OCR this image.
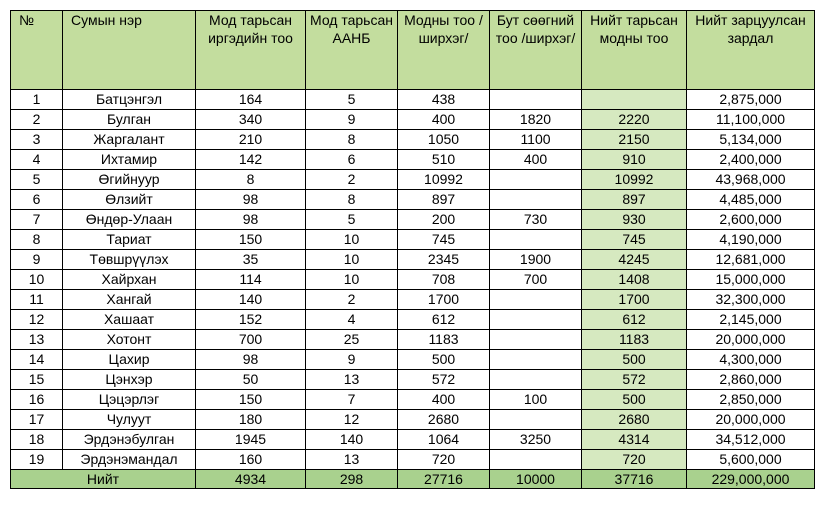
№	Сумын нэр	Мод тарьсан иргэдийн тоо	Мод тарьсан ААНБ	Модны тоо /ширхэг/	Бут сөөгний тоо /ширхэг/	Нийт тарьсан модны тоо	Нийт зарцуулсан зардал
1	Батцэнгэл	164	5	438			2,875,000
2	Булган	340	9	400	1820	2220	11,100,000
3	Жаргалант	210	8	1050	1100	2150	5,134,000
4	Ихтамир	142	6	510	400	910	2,400,000
5	Өгийнуур	8	2	10992		10992	43,968,000
6	Өлзийт	98	8	897		897	4,485,000
7	Өндөр-Улаан	98	5	200	730	930	2,600,000
8	Тариат	150	10	745		745	4,190,000
9	Төвшрүүлэх	35	10	2345	1900	4245	12,681,000
10	Хайрхан	114	10	708	700	1408	15,000,000
11	Хангай	140	2	1700		1700	32,300,000
12	Хашаат	152	4	612		612	2,145,000
13	Хотонт	700	25	1183		1183	20,000,000
14	Цахир	98	9	500		500	4,300,000
15	Цэнхэр	50	13	572		572	2,860,000
16	Цэцэрлэг	150	7	400	100	500	2,850,000
17	Чулуут	180	12	2680		2680	20,000,000
18	Эрдэнэбулган	1945	140	1064	3250	4314	34,512,000
19	Эрдэнэмандал	160	13	720		720	5,600,000
Нийт		4934	298	27716	10000	37716	229,000,000
